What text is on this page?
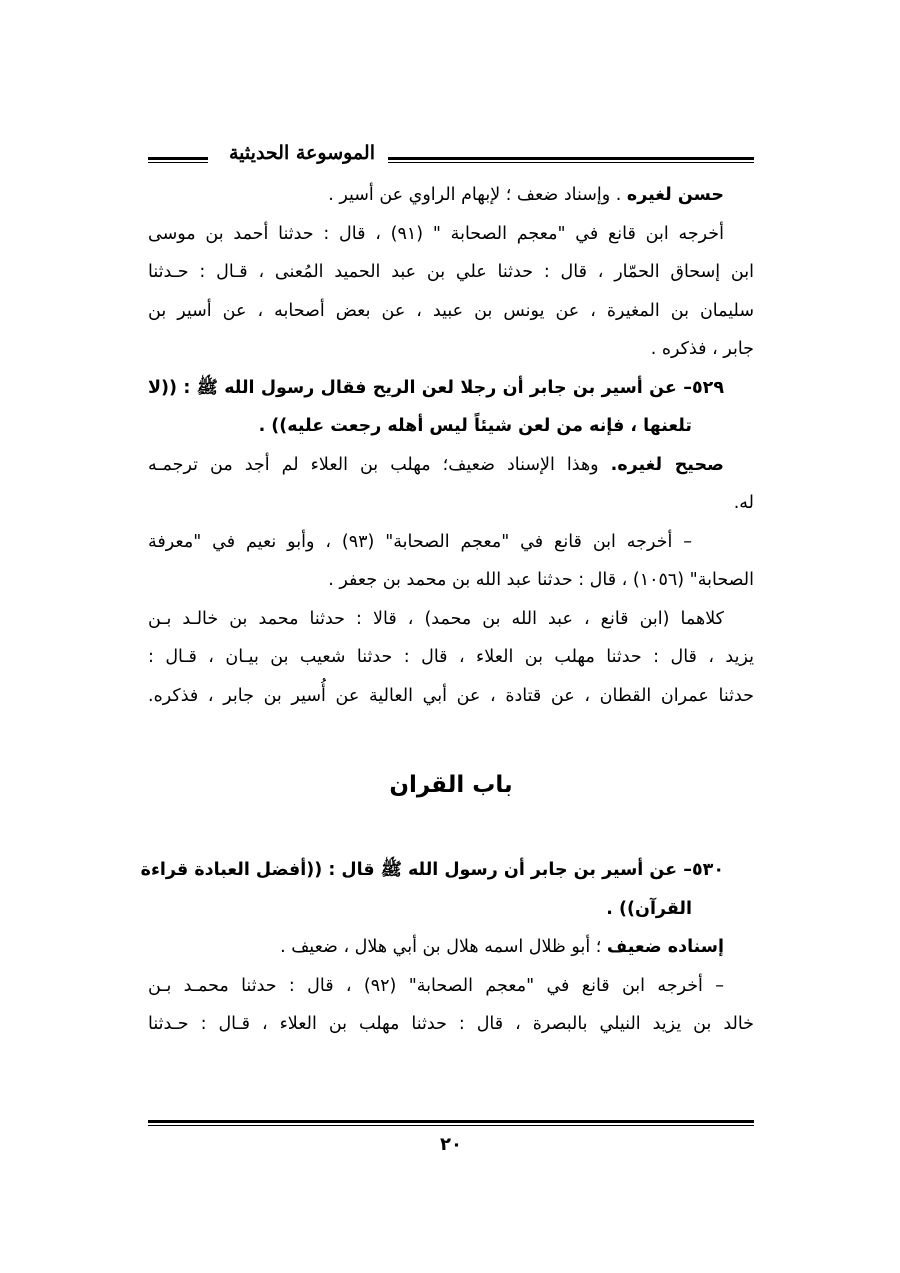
الموسوعة الحديثية
حسن لغيره . وإسناد ضعف ؛ لإبهام الراوي عن أسير .
أخرجه ابن قانع في "معجم الصحابة " (٩١) ، قال : حدثنا أحمد بن موسى
ابن إسحاق الحمّار ، قال : حدثنا علي بن عبد الحميد المُعنى ، قـال : حـدثنا
سليمان بن المغيرة ، عن يونس بن عبيد ، عن بعض أصحابه ، عن أسير بن
جابر ، فذكره .
٥٢٩– عن أسير بن جابر أن رجلا لعن الريح فقال رسول الله ﷺ : ((لا
تلعنها ، فإنه من لعن شيئاً ليس أهله رجعت عليه)) .
صحيح لغيره. وهذا الإسناد ضعيف؛ مهلب بن العلاء لم أجد من ترجمـه
له.
– أخرجه ابن قانع في "معجم الصحابة" (٩٣) ، وأبو نعيم في "معرفة
الصحابة" (١٠٥٦) ، قال : حدثنا عبد الله بن محمد بن جعفر .
كلاهما (ابن قانع ، عبد الله بن محمد) ، قالا : حدثنا محمد بن خالـد بـن
يزيد ، قال : حدثنا مهلب بن العلاء ، قال : حدثنا شعيب بن بيـان ، قـال :
حدثنا عمران القطان ، عن قتادة ، عن أبي العالية عن أُسير بن جابر ، فذكره.
باب القران
٥٣٠– عن أسير بن جابر أن رسول الله ﷺ قال : ((أفضل العبادة قراءة
القرآن)) .
إسناده ضعيف ؛ أبو ظلال اسمه هلال بن أبي هلال ، ضعيف .
– أخرجه ابن قانع في "معجم الصحابة" (٩٢) ، قال : حدثنا محمـد بـن
خالد بن يزيد النيلي بالبصرة ، قال : حدثنا مهلب بن العلاء ، قـال : حـدثنا
٢٠
